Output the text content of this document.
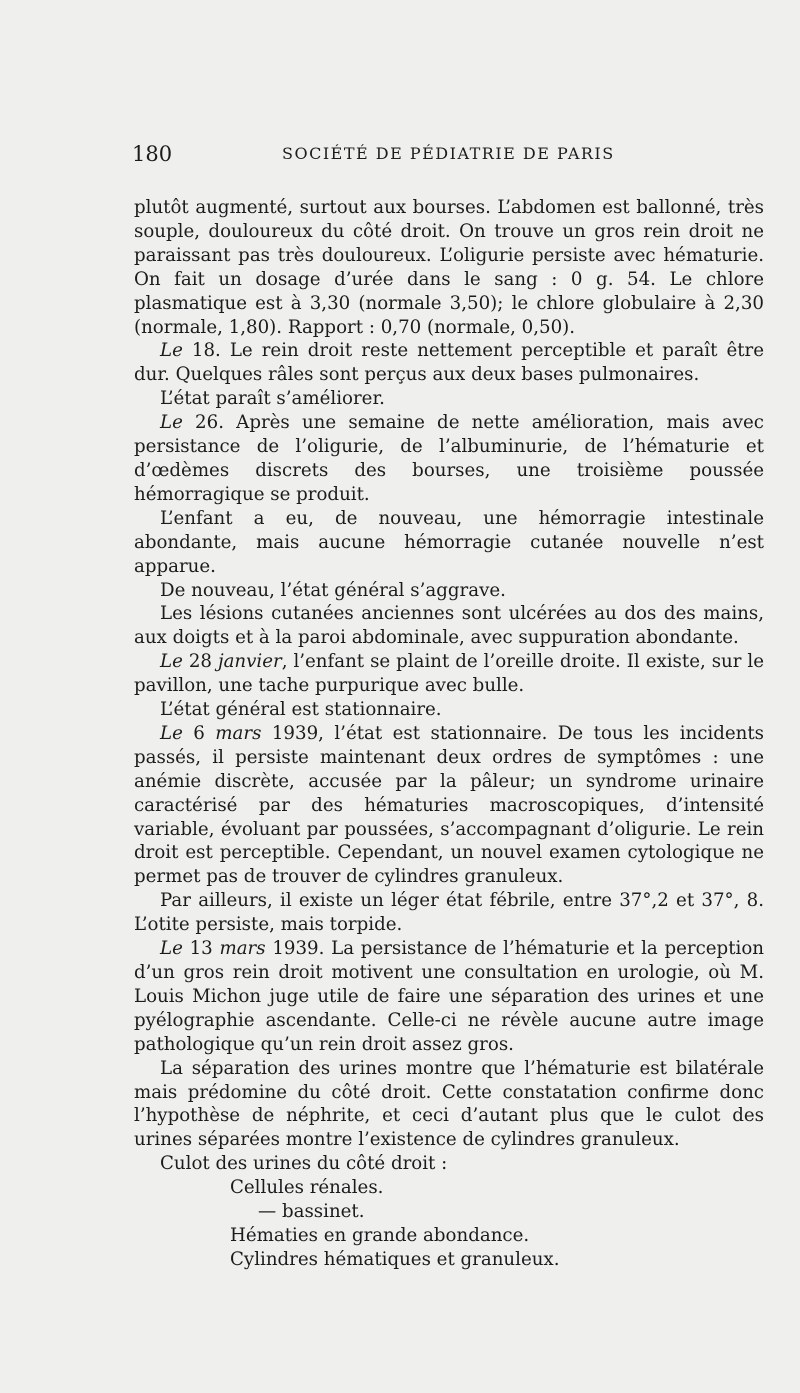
180	SOCIÉTÉ DE PÉDIATRIE DE PARIS

plutôt augmenté, surtout aux bourses. L’abdomen est ballonné, très souple, douloureux du côté droit. On trouve un gros rein droit ne paraissant pas très douloureux. L’oligurie persiste avec hématurie. On fait un dosage d’urée dans le sang : 0 g. 54. Le chlore plasmatique est à 3,30 (normale 3,50); le chlore globulaire à 2,30 (normale, 1,80). Rapport : 0,70 (normale, 0,50).

Le 18. Le rein droit reste nettement perceptible et paraît être dur. Quelques râles sont perçus aux deux bases pulmonaires.

L’état paraît s’améliorer.

Le 26. Après une semaine de nette amélioration, mais avec persistance de l’oligurie, de l’albuminurie, de l’hématurie et d’œdèmes discrets des bourses, une troisième poussée hémorragique se produit.

L’enfant a eu, de nouveau, une hémorragie intestinale abondante, mais aucune hémorragie cutanée nouvelle n’est apparue.

De nouveau, l’état général s’aggrave.

Les lésions cutanées anciennes sont ulcérées au dos des mains, aux doigts et à la paroi abdominale, avec suppuration abondante.

Le 28 janvier, l’enfant se plaint de l’oreille droite. Il existe, sur le pavillon, une tache purpurique avec bulle.

L’état général est stationnaire.

Le 6 mars 1939, l’état est stationnaire. De tous les incidents passés, il persiste maintenant deux ordres de symptômes : une anémie discrète, accusée par la pâleur; un syndrome urinaire caractérisé par des hématuries macroscopiques, d’intensité variable, évoluant par poussées, s’accompagnant d’oligurie. Le rein droit est perceptible. Cependant, un nouvel examen cytologique ne permet pas de trouver de cylindres granuleux.

Par ailleurs, il existe un léger état fébrile, entre 37°,2 et 37°, 8. L’otite persiste, mais torpide.

Le 13 mars 1939. La persistance de l’hématurie et la perception d’un gros rein droit motivent une consultation en urologie, où M. Louis Michon juge utile de faire une séparation des urines et une pyélographie ascendante. Celle-ci ne révèle aucune autre image pathologique qu’un rein droit assez gros.

La séparation des urines montre que l’hématurie est bilatérale mais prédomine du côté droit. Cette constatation confirme donc l’hypothèse de néphrite, et ceci d’autant plus que le culot des urines séparées montre l’existence de cylindres granuleux.

Culot des urines du côté droit :

Cellules rénales.
— bassinet.
Hématies en grande abondance.
Cylindres hématiques et granuleux.
